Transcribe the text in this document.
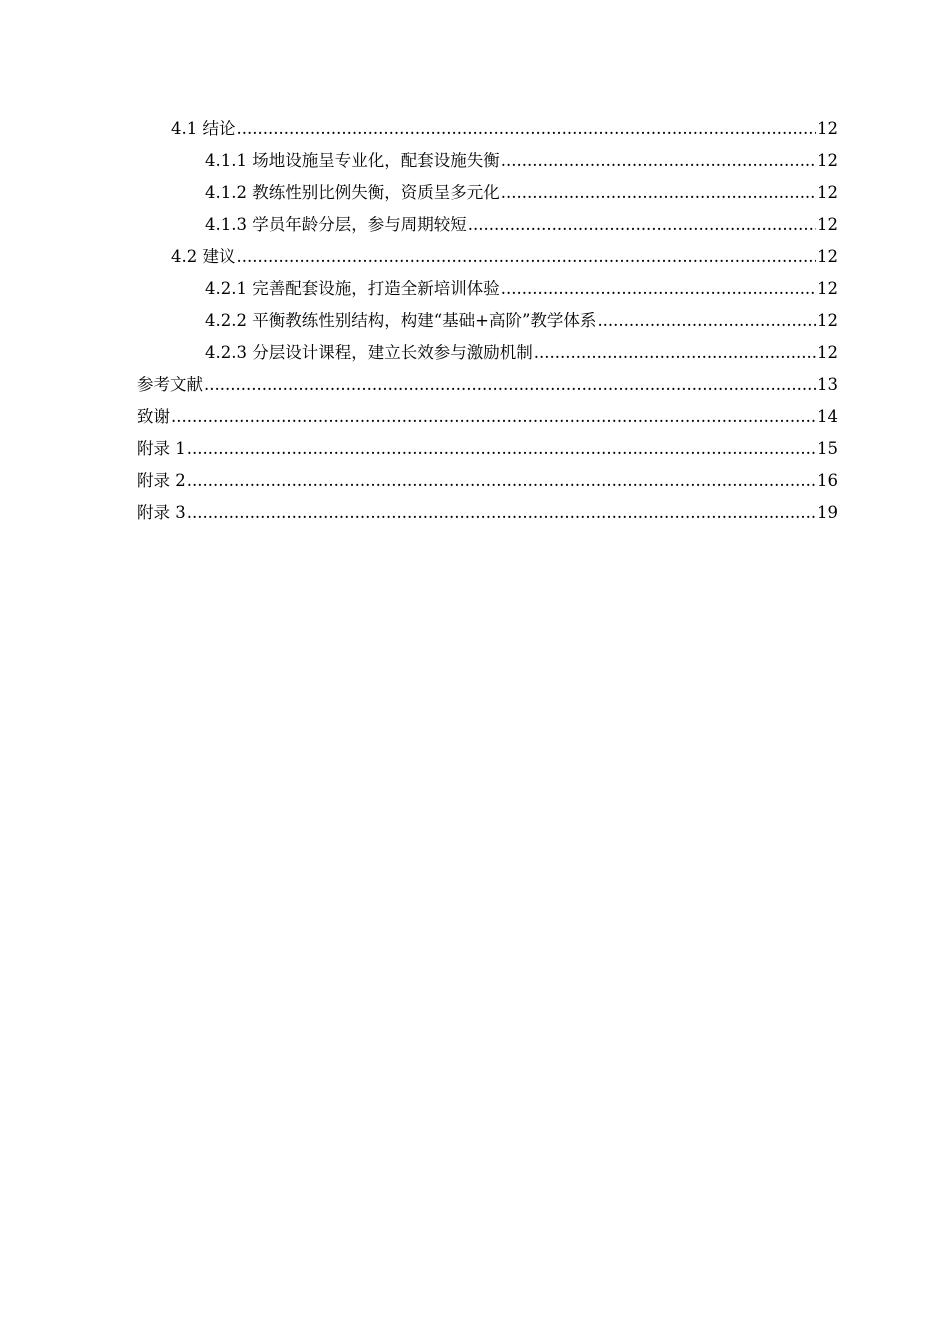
4.1 结论 .....	12
4.1.1 场地设施呈专业化，配套设施失衡 .....	12
4.1.2 教练性别比例失衡，资质呈多元化 .....	12
4.1.3 学员年龄分层，参与周期较短 .....	12
4.2 建议 .....	12
4.2.1 完善配套设施，打造全新培训体验 .....	12
4.2.2 平衡教练性别结构，构建“基础+高阶”教学体系 .....	12
4.2.3 分层设计课程，建立长效参与激励机制 .....	12
参考文献 .....	13
致谢 .....	14
附录 1 .....	15
附录 2 .....	16
附录 3 .....	19
